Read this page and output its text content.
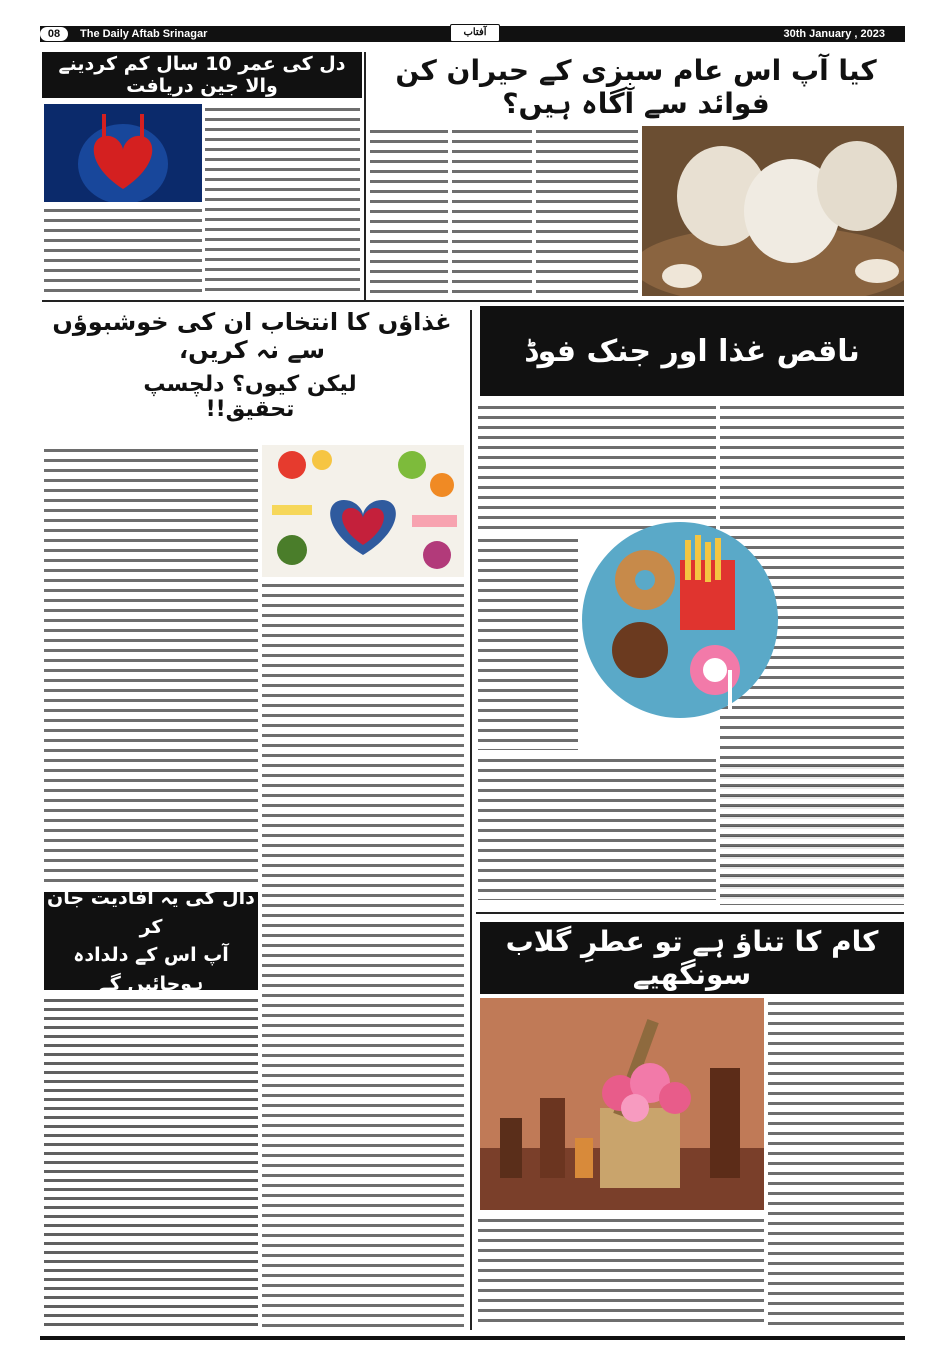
08	The Daily Aftab Srinagar	آفتاب	30th January , 2023
دل کی عمر 10 سال کم کردینے والا جین دریافت	کیا آپ اس عام سبزی کے حیران کن فوائد سے آگاہ ہیں؟
غذاؤں کا انتخاب ان کی خوشبوؤں سے نہ کریں،
لیکن کیوں؟ دلچسپ تحقیق!!
دال کی یہ افادیت جان کر
آپ اس کے دلدادہ ہوجائیں گے
ناقص غذا اور جنک فوڈ
کام کا تناؤ ہے تو عطرِ گلاب سونگھیے
